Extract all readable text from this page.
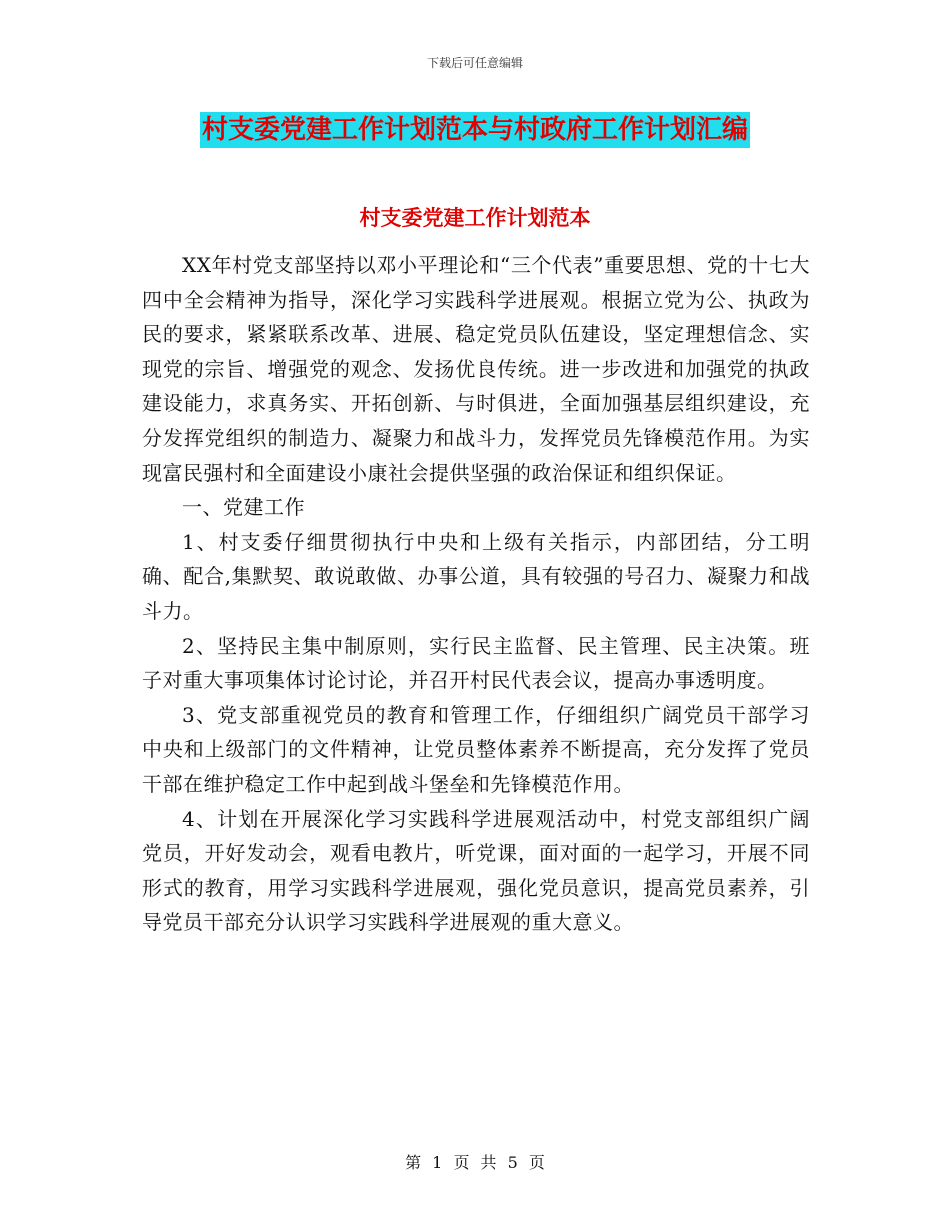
下载后可任意编辑
村支委党建工作计划范本与村政府工作计划汇编
村支委党建工作计划范本

XX年村党支部坚持以邓小平理论和“三个代表”重要思想、党的十七大四中全会精神为指导，深化学习实践科学进展观。根据立党为公、执政为民的要求，紧紧联系改革、进展、稳定党员队伍建设，坚定理想信念、实现党的宗旨、增强党的观念、发扬优良传统。进一步改进和加强党的执政建设能力，求真务实、开拓创新、与时俱进，全面加强基层组织建设，充分发挥党组织的制造力、凝聚力和战斗力，发挥党员先锋模范作用。为实现富民强村和全面建设小康社会提供坚强的政治保证和组织保证。

一、党建工作

1、村支委仔细贯彻执行中央和上级有关指示，内部团结，分工明确、配合,集默契、敢说敢做、办事公道，具有较强的号召力、凝聚力和战斗力。

2、坚持民主集中制原则，实行民主监督、民主管理、民主决策。班子对重大事项集体讨论讨论，并召开村民代表会议，提高办事透明度。

3、党支部重视党员的教育和管理工作，仔细组织广阔党员干部学习中央和上级部门的文件精神，让党员整体素养不断提高，充分发挥了党员干部在维护稳定工作中起到战斗堡垒和先锋模范作用。

4、计划在开展深化学习实践科学进展观活动中，村党支部组织广阔党员，开好发动会，观看电教片，听党课，面对面的一起学习，开展不同形式的教育，用学习实践科学进展观，强化党员意识，提高党员素养，引导党员干部充分认识学习实践科学进展观的重大意义。

第 1 页 共 5 页
